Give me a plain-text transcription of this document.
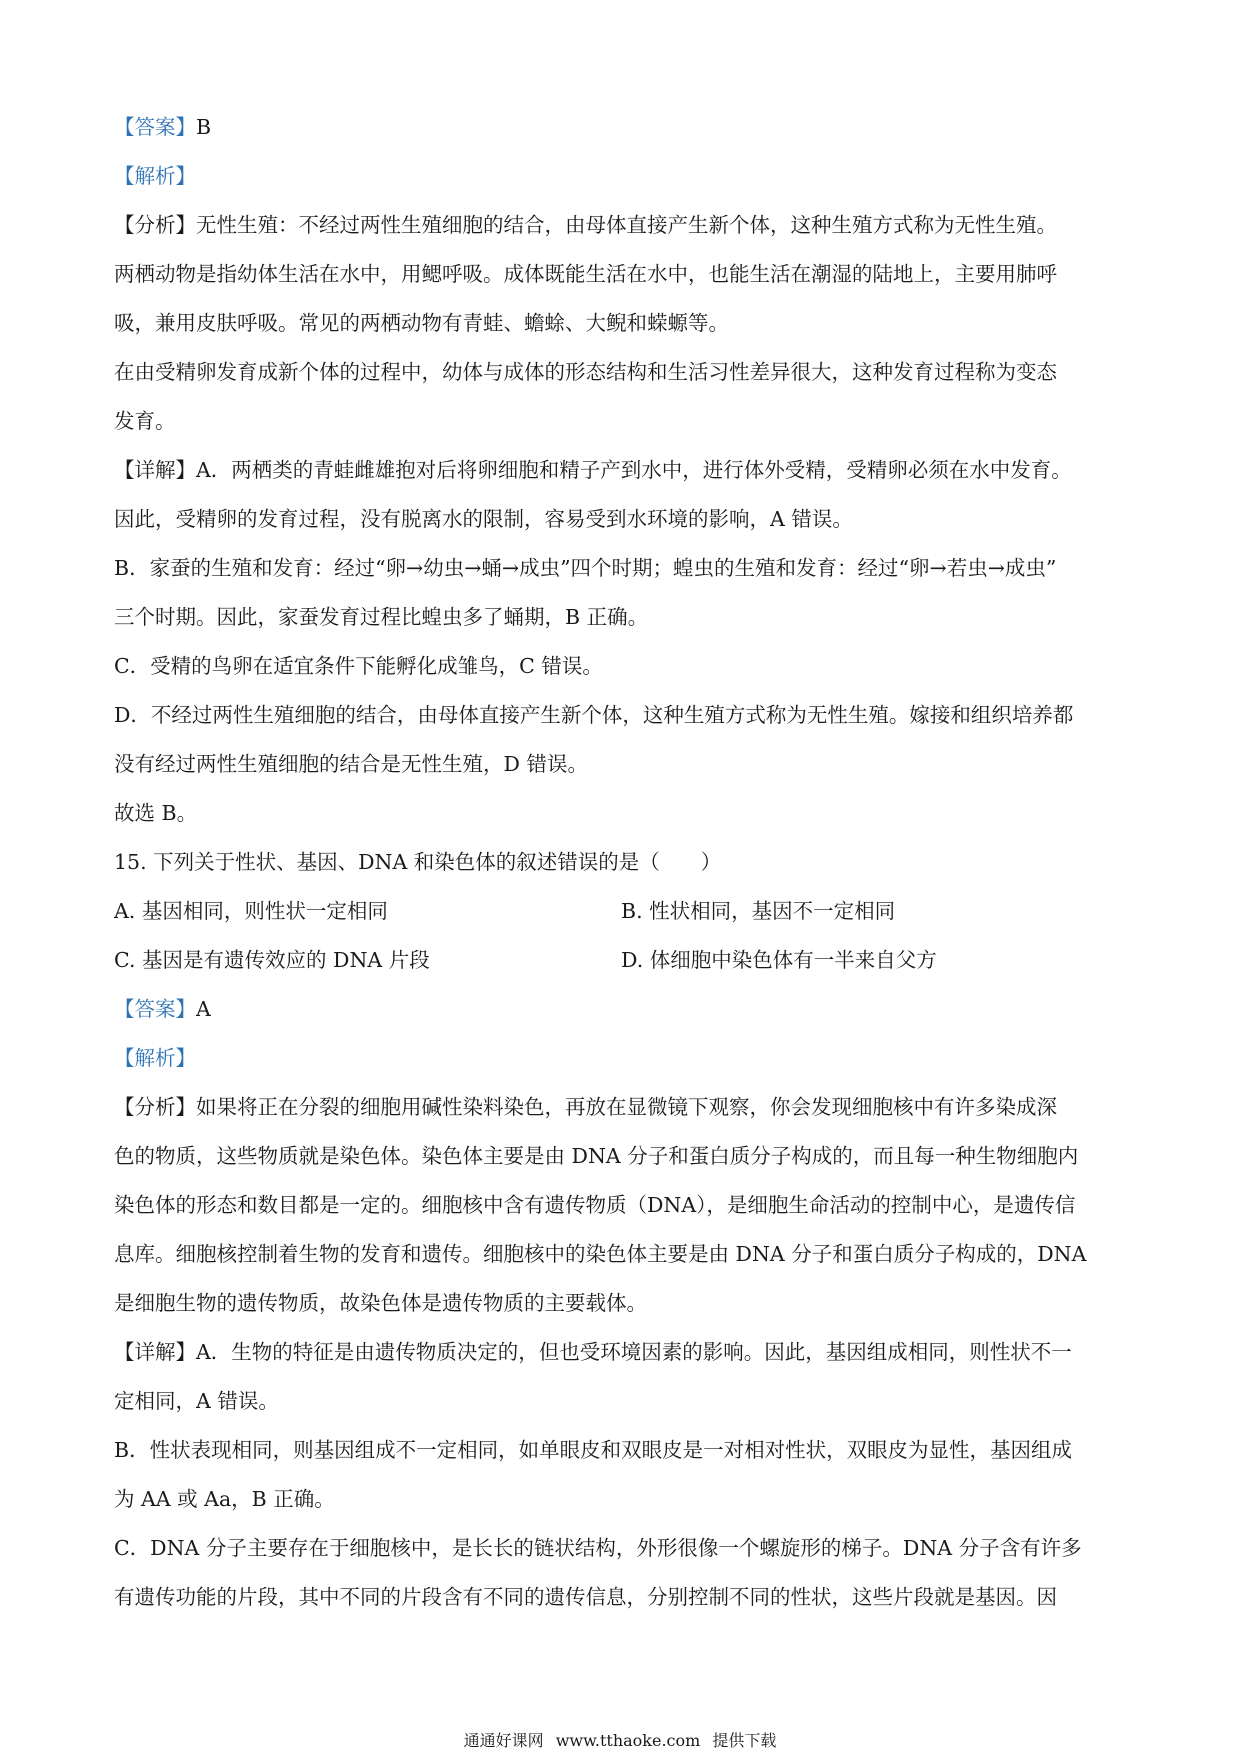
【答案】B
【解析】
【分析】无性生殖：不经过两性生殖细胞的结合，由母体直接产生新个体，这种生殖方式称为无性生殖。
两栖动物是指幼体生活在水中，用鳃呼吸。成体既能生活在水中，也能生活在潮湿的陆地上，主要用肺呼
吸，兼用皮肤呼吸。常见的两栖动物有青蛙、蟾蜍、大鲵和蝾螈等。
在由受精卵发育成新个体的过程中，幼体与成体的形态结构和生活习性差异很大，这种发育过程称为变态
发育。
【详解】A．两栖类的青蛙雌雄抱对后将卵细胞和精子产到水中，进行体外受精，受精卵必须在水中发育。
因此，受精卵的发育过程，没有脱离水的限制，容易受到水环境的影响，A 错误。
B．家蚕的生殖和发育：经过“卵→幼虫→蛹→成虫”四个时期；蝗虫的生殖和发育：经过“卵→若虫→成虫”
三个时期。因此，家蚕发育过程比蝗虫多了蛹期，B 正确。
C．受精的鸟卵在适宜条件下能孵化成雏鸟，C 错误。
D．不经过两性生殖细胞的结合，由母体直接产生新个体，这种生殖方式称为无性生殖。嫁接和组织培养都
没有经过两性生殖细胞的结合是无性生殖，D 错误。
故选 B。
15. 下列关于性状、基因、DNA 和染色体的叙述错误的是（　　）
A. 基因相同，则性状一定相同	B. 性状相同，基因不一定相同
C. 基因是有遗传效应的 DNA 片段	D. 体细胞中染色体有一半来自父方
【答案】A
【解析】
【分析】如果将正在分裂的细胞用碱性染料染色，再放在显微镜下观察，你会发现细胞核中有许多染成深
色的物质，这些物质就是染色体。染色体主要是由 DNA 分子和蛋白质分子构成的，而且每一种生物细胞内
染色体的形态和数目都是一定的。细胞核中含有遗传物质（DNA），是细胞生命活动的控制中心，是遗传信
息库。细胞核控制着生物的发育和遗传。细胞核中的染色体主要是由 DNA 分子和蛋白质分子构成的，DNA
是细胞生物的遗传物质，故染色体是遗传物质的主要载体。
【详解】A．生物的特征是由遗传物质决定的，但也受环境因素的影响。因此，基因组成相同，则性状不一
定相同，A 错误。
B．性状表现相同，则基因组成不一定相同，如单眼皮和双眼皮是一对相对性状，双眼皮为显性，基因组成
为 AA 或 Aa，B 正确。
C．DNA 分子主要存在于细胞核中，是长长的链状结构，外形很像一个螺旋形的梯子。DNA 分子含有许多
有遗传功能的片段，其中不同的片段含有不同的遗传信息，分别控制不同的性状，这些片段就是基因。因
通通好课网 www.tthaoke.com 提供下载
